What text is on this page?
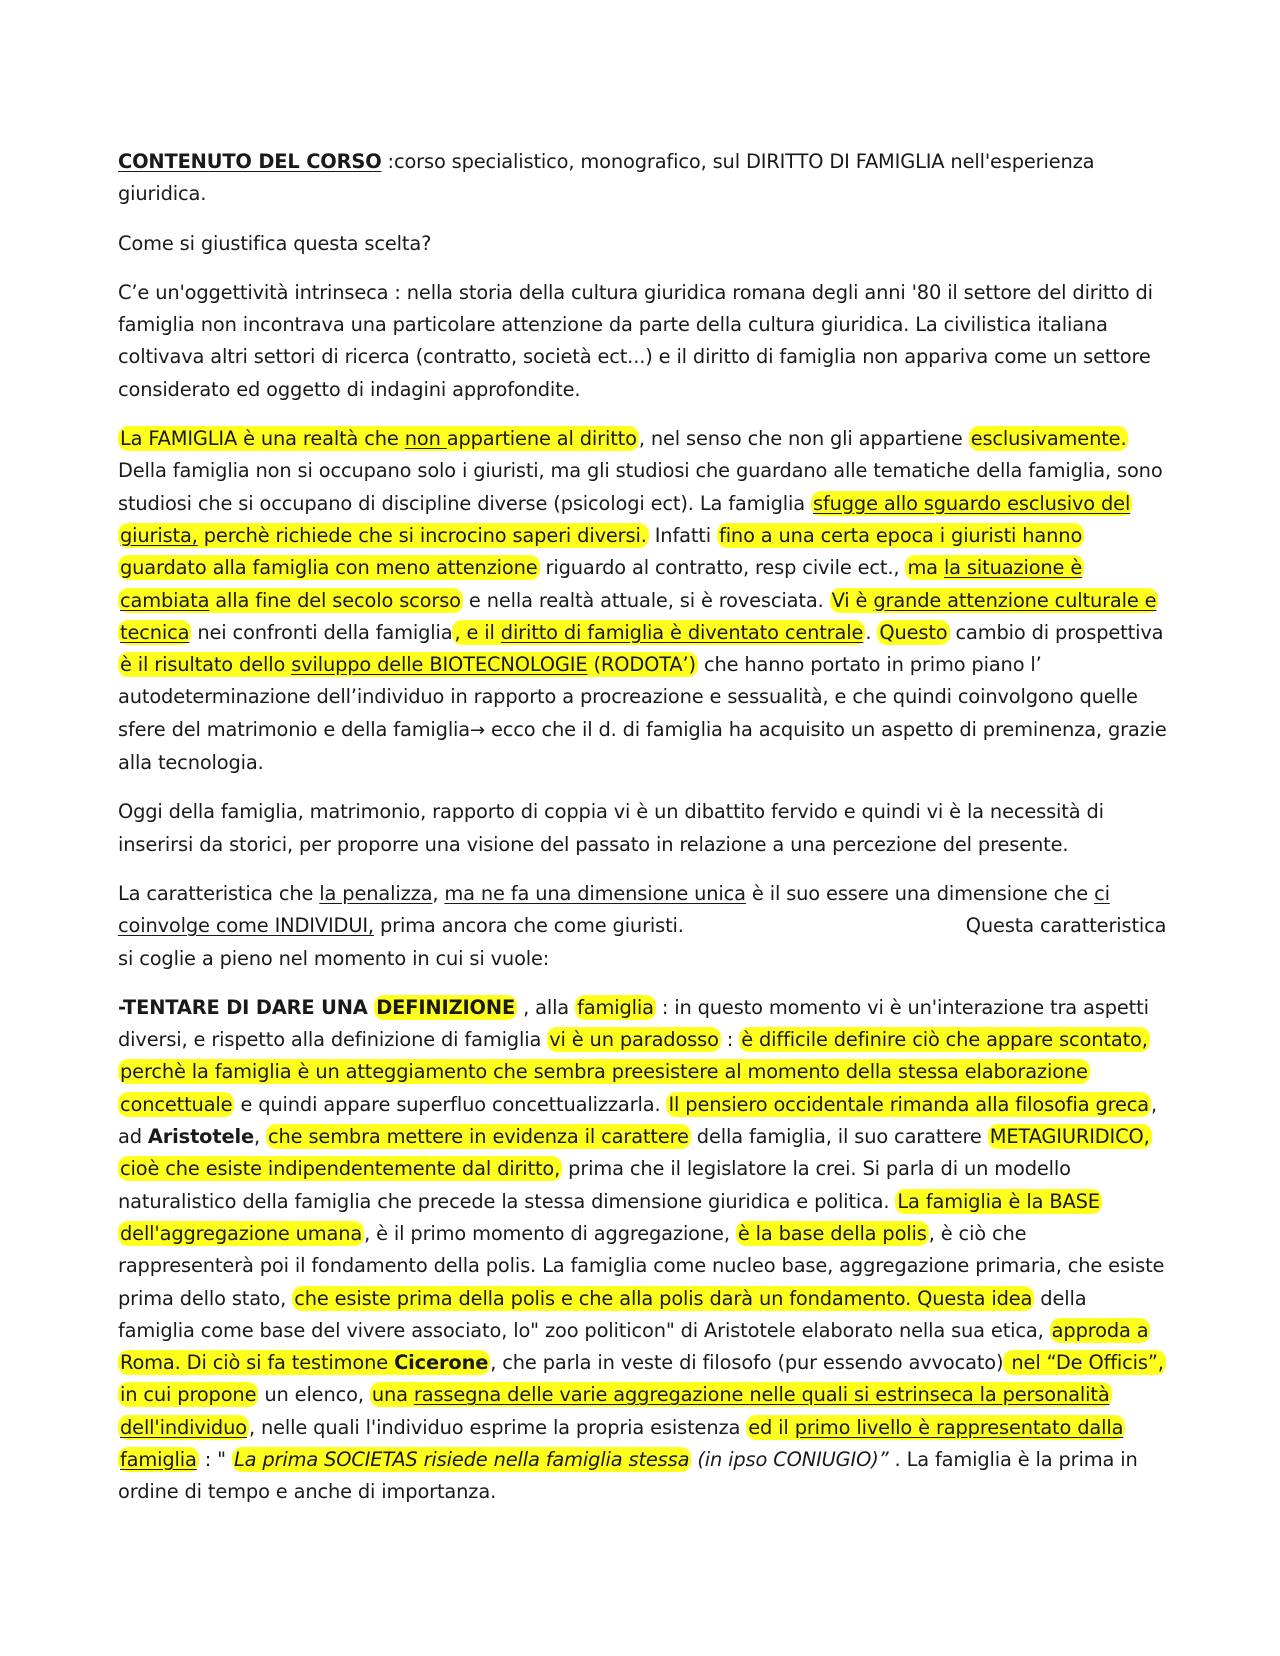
CONTENUTO DEL CORSO :corso specialistico, monografico, sul DIRITTO DI FAMIGLIA nell'esperienza giuridica.

Come si giustifica questa scelta?

C’e un'oggettività intrinseca : nella storia della cultura giuridica romana degli anni '80 il settore del diritto di famiglia non incontrava una particolare attenzione da parte della cultura giuridica. La civilistica italiana coltivava altri settori di ricerca (contratto, società ect...) e il diritto di famiglia non appariva come un settore considerato ed oggetto di indagini approfondite.

La FAMIGLIA è una realtà che non appartiene al diritto , nel senso che non gli appartiene esclusivamente. Della famiglia non si occupano solo i giuristi, ma gli studiosi che guardano alle tematiche della famiglia, sono studiosi che si occupano di discipline diverse (psicologi ect). La famiglia sfugge allo sguardo esclusivo del giurista, perchè richiede che si incrocino saperi diversi. Infatti fino a una certa epoca i giuristi hanno guardato alla famiglia con meno attenzione riguardo al contratto, resp civile ect., ma la situazione è cambiata alla fine del secolo scorso e nella realtà attuale, si è rovesciata. Vi è grande attenzione culturale e tecnica nei confronti della famiglia , e il diritto di famiglia è diventato centrale . Questo cambio di prospettiva è il risultato dello sviluppo delle BIOTECNOLOGIE (RODOTA’) che hanno portato in primo piano l’ autodeterminazione dell’individuo in rapporto a procreazione e sessualità, e che quindi coinvolgono quelle sfere del matrimonio e della famiglia→ ecco che il d. di famiglia ha acquisito un aspetto di preminenza, grazie alla tecnologia.

Oggi della famiglia, matrimonio, rapporto di coppia vi è un dibattito fervido e quindi vi è la necessità di inserirsi da storici, per proporre una visione del passato in relazione a una percezione del presente.

La caratteristica che la penalizza, ma ne fa una dimensione unica è il suo essere una dimensione che ci coinvolge come INDIVIDUI, prima ancora che come giuristi.	Questa caratteristica si coglie a pieno nel momento in cui si vuole:

-TENTARE DI DARE UNA DEFINIZIONE , alla famiglia : in questo momento vi è un'interazione tra aspetti diversi, e rispetto alla definizione di famiglia vi è un paradosso : è difficile definire ciò che appare scontato, perchè la famiglia è un atteggiamento che sembra preesistere al momento della stessa elaborazione concettuale e quindi appare superfluo concettualizzarla. Il pensiero occidentale rimanda alla filosofia greca , ad Aristotele, che sembra mettere in evidenza il carattere della famiglia, il suo carattere METAGIURIDICO, cioè che esiste indipendentemente dal diritto, prima che il legislatore la crei. Si parla di un modello naturalistico della famiglia che precede la stessa dimensione giuridica e politica. La famiglia è la BASE dell'aggregazione umana , è il primo momento di aggregazione, è la base della polis , è ciò che rappresenterà poi il fondamento della polis. La famiglia come nucleo base, aggregazione primaria, che esiste prima dello stato, che esiste prima della polis e che alla polis darà un fondamento. Questa idea della famiglia come base del vivere associato, lo" zoo politicon" di Aristotele elaborato nella sua etica, approda a Roma. Di ciò si fa testimone Cicerone , che parla in veste di filosofo (pur essendo avvocato) nel “De Officis”, in cui propone un elenco, una rassegna delle varie aggregazione nelle quali si estrinseca la personalità dell'individuo , nelle quali l'individuo esprime la propria esistenza ed il primo livello è rappresentato dalla famiglia : " La prima SOCIETAS risiede nella famiglia stessa (in ipso CONIUGIO)” . La famiglia è la prima in ordine di tempo e anche di importanza.
